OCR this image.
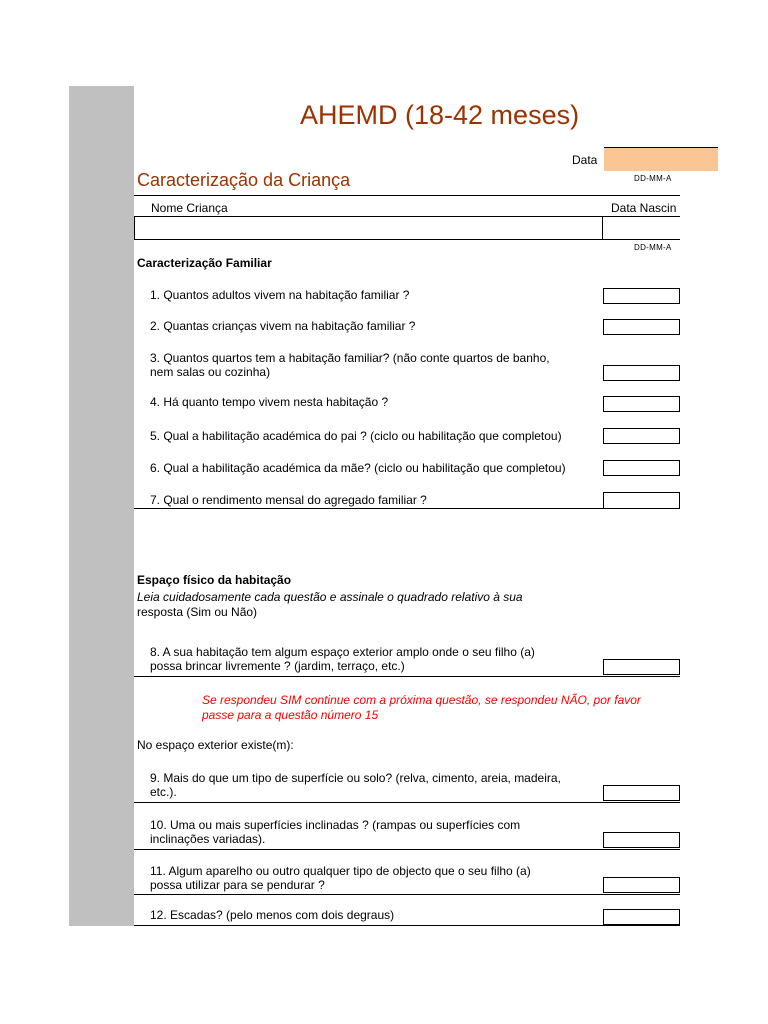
AHEMD (18-42 meses)
Data
DD-MM-A
Caracterização da Criança
Nome Criança	Data Nascin
DD-MM-A
Caracterização Familiar
1. Quantos adultos vivem na habitação familiar ?
2. Quantas crianças vivem na habitação familiar ?
3. Quantos quartos tem a habitação familiar? (não conte quartos de banho,
nem salas ou cozinha)
4. Há quanto tempo vivem nesta habitação ?
5. Qual a habilitação académica do pai ? (ciclo ou habilitação que completou)
6. Qual a habilitação académica da mãe? (ciclo ou habilitação que completou)
7. Qual o rendimento mensal do agregado familiar ?
Espaço físico da habitação
Leia cuidadosamente cada questão e assinale o quadrado relativo à sua
resposta (Sim ou Não)
8. A sua habitação tem algum espaço exterior amplo onde o seu filho (a)
possa brincar livremente ? (jardim, terraço, etc.)
Se respondeu SIM continue com a próxima questão, se respondeu NÃO, por favor
passe para a questão número 15
No espaço exterior existe(m):
9. Mais do que um tipo de superfície ou solo? (relva, cimento, areia, madeira,
etc.).
10. Uma ou mais superfícies inclinadas ? (rampas ou superfícies com
inclinações variadas).
11. Algum aparelho ou outro qualquer tipo de objecto que o seu filho (a)
possa utilizar para se pendurar ?
12. Escadas? (pelo menos com dois degraus)
